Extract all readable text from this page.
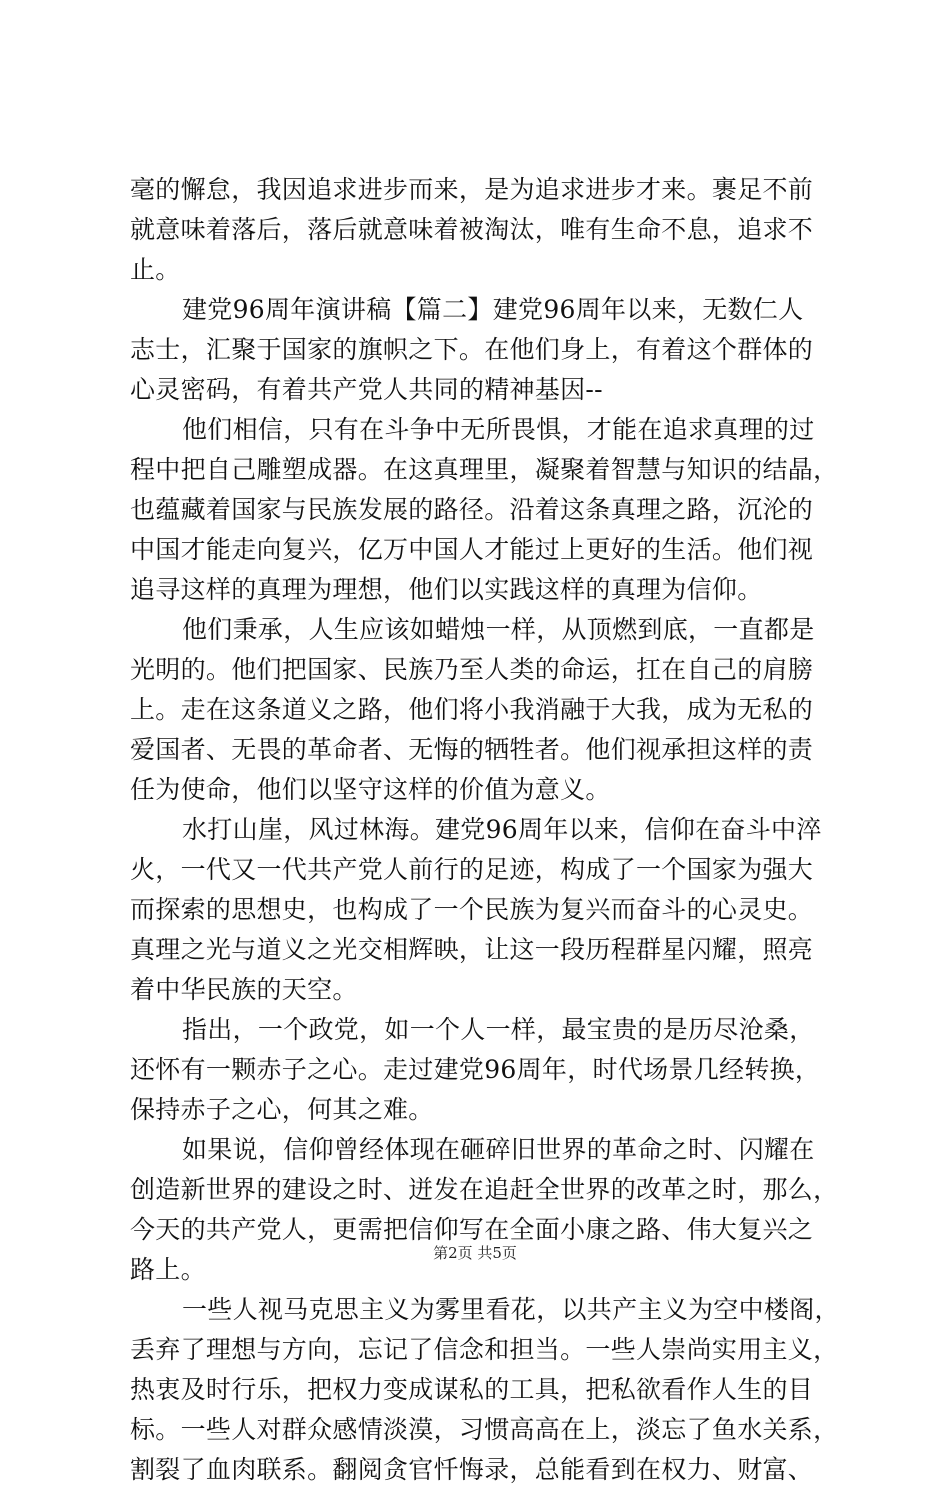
毫的懈怠，我因追求进步而来，是为追求进步才来。裹足不前
就意味着落后，落后就意味着被淘汰，唯有生命不息，追求不
止。
建党96周年演讲稿【篇二】建党96周年以来，无数仁人
志士，汇聚于国家的旗帜之下。在他们身上，有着这个群体的
心灵密码，有着共产党人共同的精神基因--
他们相信，只有在斗争中无所畏惧，才能在追求真理的过
程中把自己雕塑成器。在这真理里，凝聚着智慧与知识的结晶，
也蕴藏着国家与民族发展的路径。沿着这条真理之路，沉沦的
中国才能走向复兴，亿万中国人才能过上更好的生活。他们视
追寻这样的真理为理想，他们以实践这样的真理为信仰。
他们秉承，人生应该如蜡烛一样，从顶燃到底，一直都是
光明的。他们把国家、民族乃至人类的命运，扛在自己的肩膀
上。走在这条道义之路，他们将小我消融于大我，成为无私的
爱国者、无畏的革命者、无悔的牺牲者。他们视承担这样的责
任为使命，他们以坚守这样的价值为意义。
水打山崖，风过林海。建党96周年以来，信仰在奋斗中淬
火，一代又一代共产党人前行的足迹，构成了一个国家为强大
而探索的思想史，也构成了一个民族为复兴而奋斗的心灵史。
真理之光与道义之光交相辉映，让这一段历程群星闪耀，照亮
着中华民族的天空。
指出，一个政党，如一个人一样，最宝贵的是历尽沧桑，
还怀有一颗赤子之心。走过建党96周年，时代场景几经转换，
保持赤子之心，何其之难。
如果说，信仰曾经体现在砸碎旧世界的革命之时、闪耀在
创造新世界的建设之时、迸发在追赶全世界的改革之时，那么，
今天的共产党人，更需把信仰写在全面小康之路、伟大复兴之
路上。
一些人视马克思主义为雾里看花，以共产主义为空中楼阁，
丢弃了理想与方向，忘记了信念和担当。一些人崇尚实用主义，
热衷及时行乐，把权力变成谋私的工具，把私欲看作人生的目
标。一些人对群众感情淡漠，习惯高高在上，淡忘了鱼水关系，
割裂了血肉联系。翻阅贪官忏悔录，总能看到在权力、财富、
第2页 共5页
